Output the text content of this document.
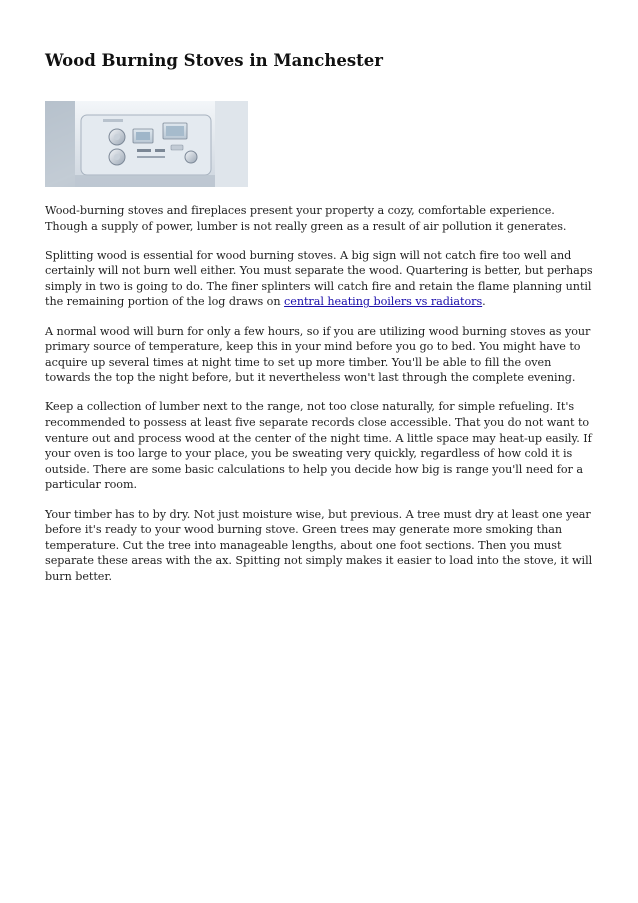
Wood Burning Stoves in Manchester

Wood-burning stoves and fireplaces present your property a cozy, comfortable experience. Though a supply of power, lumber is not really green as a result of air pollution it generates.

Splitting wood is essential for wood burning stoves. A big sign will not catch fire too well and certainly will not burn well either. You must separate the wood. Quartering is better, but perhaps simply in two is going to do. The finer splinters will catch fire and retain the flame planning until the remaining portion of the log draws on central heating boilers vs radiators.

A normal wood will burn for only a few hours, so if you are utilizing wood burning stoves as your primary source of temperature, keep this in your mind before you go to bed. You might have to acquire up several times at night time to set up more timber. You'll be able to fill the oven towards the top the night before, but it nevertheless won't last through the complete evening.

Keep a collection of lumber next to the range, not too close naturally, for simple refueling. It's recommended to possess at least five separate records close accessible. That you do not want to venture out and process wood at the center of the night time. A little space may heat-up easily. If your oven is too large to your place, you be sweating very quickly, regardless of how cold it is outside. There are some basic calculations to help you decide how big is range you'll need for a particular room.

Your timber has to by dry. Not just moisture wise, but previous. A tree must dry at least one year before it's ready to your wood burning stove. Green trees may generate more smoking than temperature. Cut the tree into manageable lengths, about one foot sections. Then you must separate these areas with the ax. Spitting not simply makes it easier to load into the stove, it will burn better.
